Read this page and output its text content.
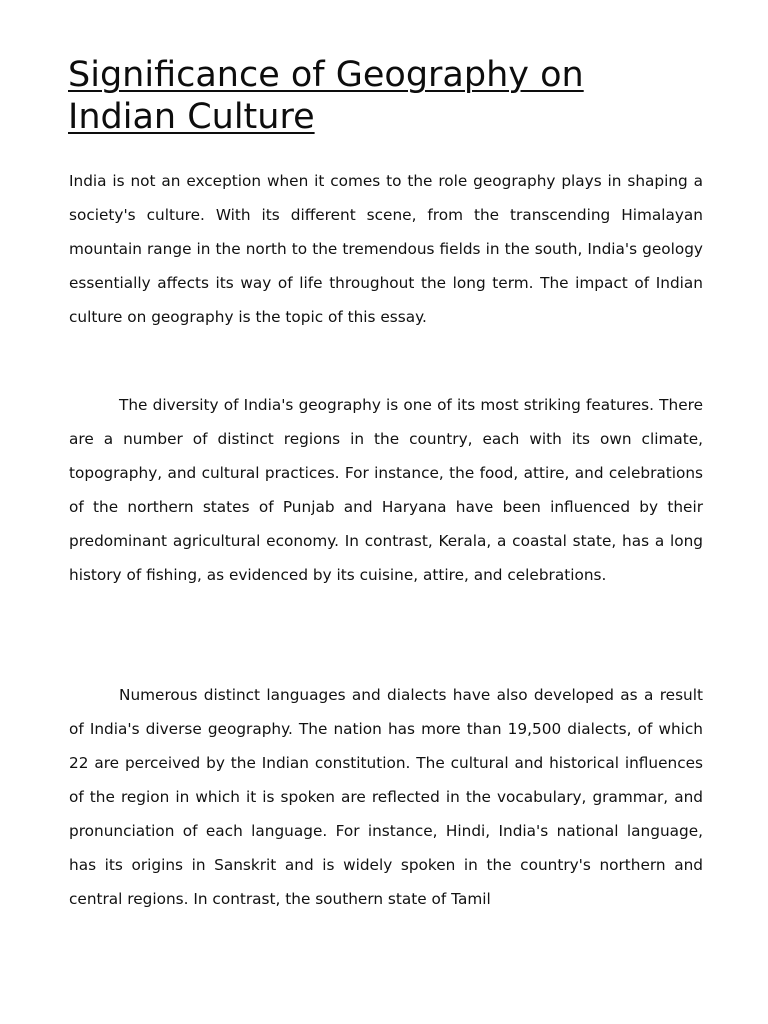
Significance of Geography on
Indian Culture

India is not an exception when it comes to the role geography plays in shaping a society's culture. With its different scene, from the transcending Himalayan mountain range in the north to the tremendous fields in the south, India's geology essentially affects its way of life throughout the long term. The impact of Indian culture on geography is the topic of this essay.

The diversity of India's geography is one of its most striking features. There are a number of distinct regions in the country, each with its own climate, topography, and cultural practices. For instance, the food, attire, and celebrations of the northern states of Punjab and Haryana have been influenced by their predominant agricultural economy. In contrast, Kerala, a coastal state, has a long history of fishing, as evidenced by its cuisine, attire, and celebrations.

Numerous distinct languages and dialects have also developed as a result of India's diverse geography. The nation has more than 19,500 dialects, of which 22 are perceived by the Indian constitution. The cultural and historical influences of the region in which it is spoken are reflected in the vocabulary, grammar, and pronunciation of each language. For instance, Hindi, India's national language, has its origins in Sanskrit and is widely spoken in the country's northern and central regions. In contrast, the southern state of Tamil
